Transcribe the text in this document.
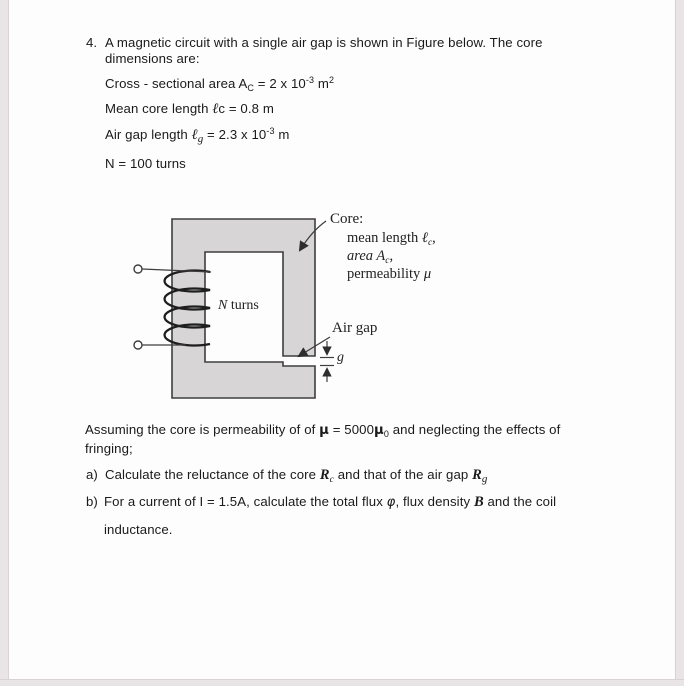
4. A magnetic circuit with a single air gap is shown in Figure below. The core
dimensions are:
Cross - sectional area $A_C = 2$ x $10^{-3}$ $m^2$
Mean core length ℓc = 0.8 m
Air gap length ℓ$_g$ = 2.3 x $10^{-3}$ m
N = 100 turns
N turns
Core:
mean length ℓ$_c$,
area $A_c$,
permeability μ
Air gap
g
Assuming the core is permeability of of $\mu = 5000\mu_0$ and neglecting the effects of
fringing;
a) Calculate the reluctance of the core $R_c$ and that of the air gap $R_g$
b) For a current of I = 1.5A, calculate the total flux φ, flux density B and the coil
inductance.
